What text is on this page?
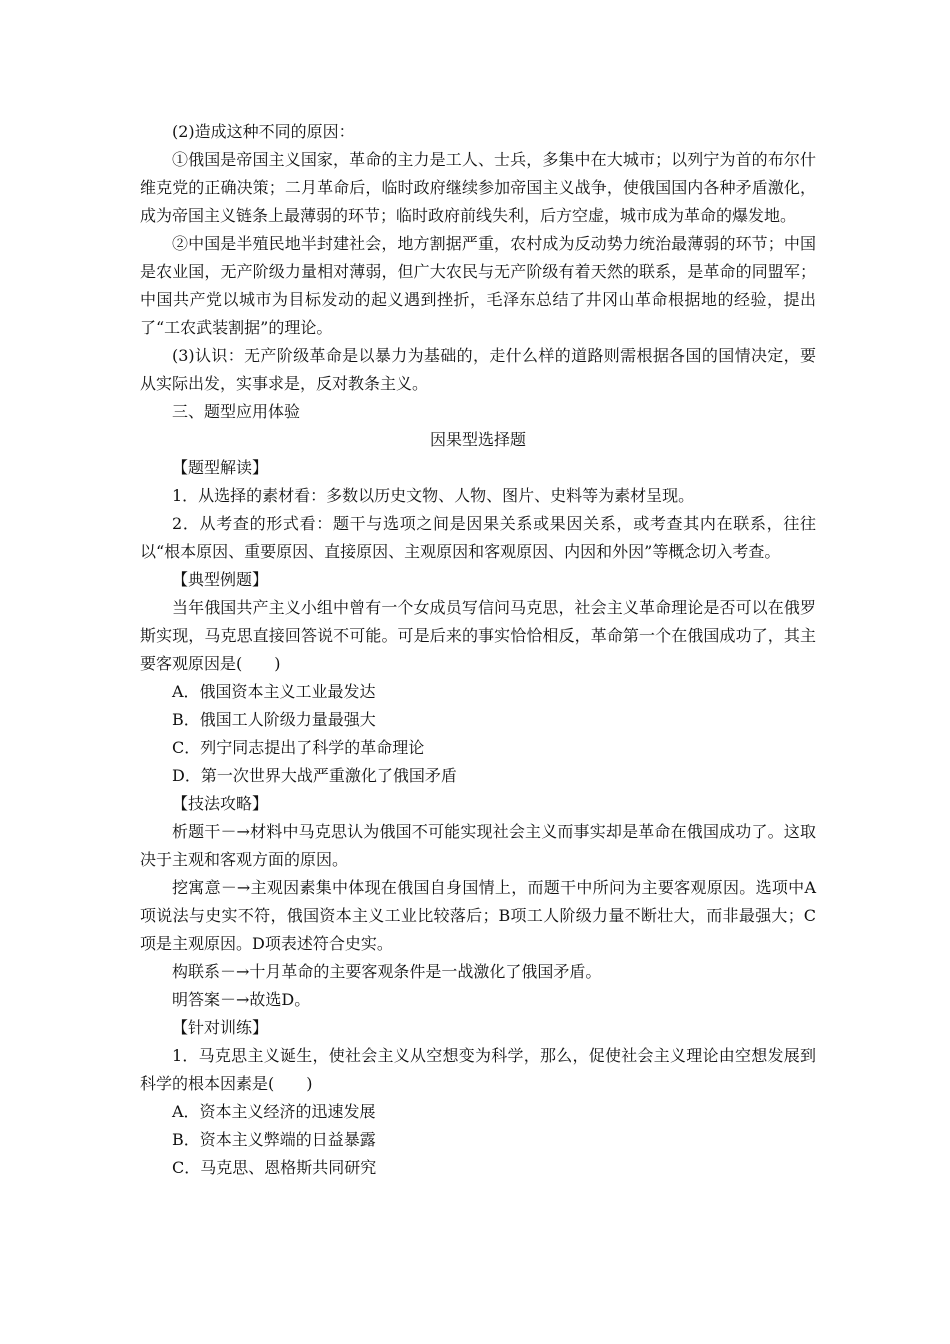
(2)造成这种不同的原因：

①俄国是帝国主义国家，革命的主力是工人、士兵，多集中在大城市；以列宁为首的布尔什维克党的正确决策；二月革命后，临时政府继续参加帝国主义战争，使俄国国内各种矛盾激化，成为帝国主义链条上最薄弱的环节；临时政府前线失利，后方空虚，城市成为革命的爆发地。

②中国是半殖民地半封建社会，地方割据严重，农村成为反动势力统治最薄弱的环节；中国是农业国，无产阶级力量相对薄弱，但广大农民与无产阶级有着天然的联系，是革命的同盟军；中国共产党以城市为目标发动的起义遇到挫折，毛泽东总结了井冈山革命根据地的经验，提出了“工农武装割据”的理论。

(3)认识：无产阶级革命是以暴力为基础的，走什么样的道路则需根据各国的国情决定，要从实际出发，实事求是，反对教条主义。

三、题型应用体验

因果型选择题

【题型解读】

1．从选择的素材看：多数以历史文物、人物、图片、史料等为素材呈现。

2．从考查的形式看：题干与选项之间是因果关系或果因关系，或考查其内在联系，往往以“根本原因、重要原因、直接原因、主观原因和客观原因、内因和外因”等概念切入考查。

【典型例题】

当年俄国共产主义小组中曾有一个女成员写信问马克思，社会主义革命理论是否可以在俄罗斯实现，马克思直接回答说不可能。可是后来的事实恰恰相反，革命第一个在俄国成功了，其主要客观原因是(　　)

A．俄国资本主义工业最发达

B．俄国工人阶级力量最强大

C．列宁同志提出了科学的革命理论

D．第一次世界大战严重激化了俄国矛盾

【技法攻略】

析题干－→材料中马克思认为俄国不可能实现社会主义而事实却是革命在俄国成功了。这取决于主观和客观方面的原因。

挖寓意－→主观因素集中体现在俄国自身国情上，而题干中所问为主要客观原因。选项中A项说法与史实不符，俄国资本主义工业比较落后；B项工人阶级力量不断壮大，而非最强大；C项是主观原因。D项表述符合史实。

构联系－→十月革命的主要客观条件是一战激化了俄国矛盾。

明答案－→故选D。

【针对训练】

1．马克思主义诞生，使社会主义从空想变为科学，那么，促使社会主义理论由空想发展到科学的根本因素是(　　)

A．资本主义经济的迅速发展

B．资本主义弊端的日益暴露

C．马克思、恩格斯共同研究
